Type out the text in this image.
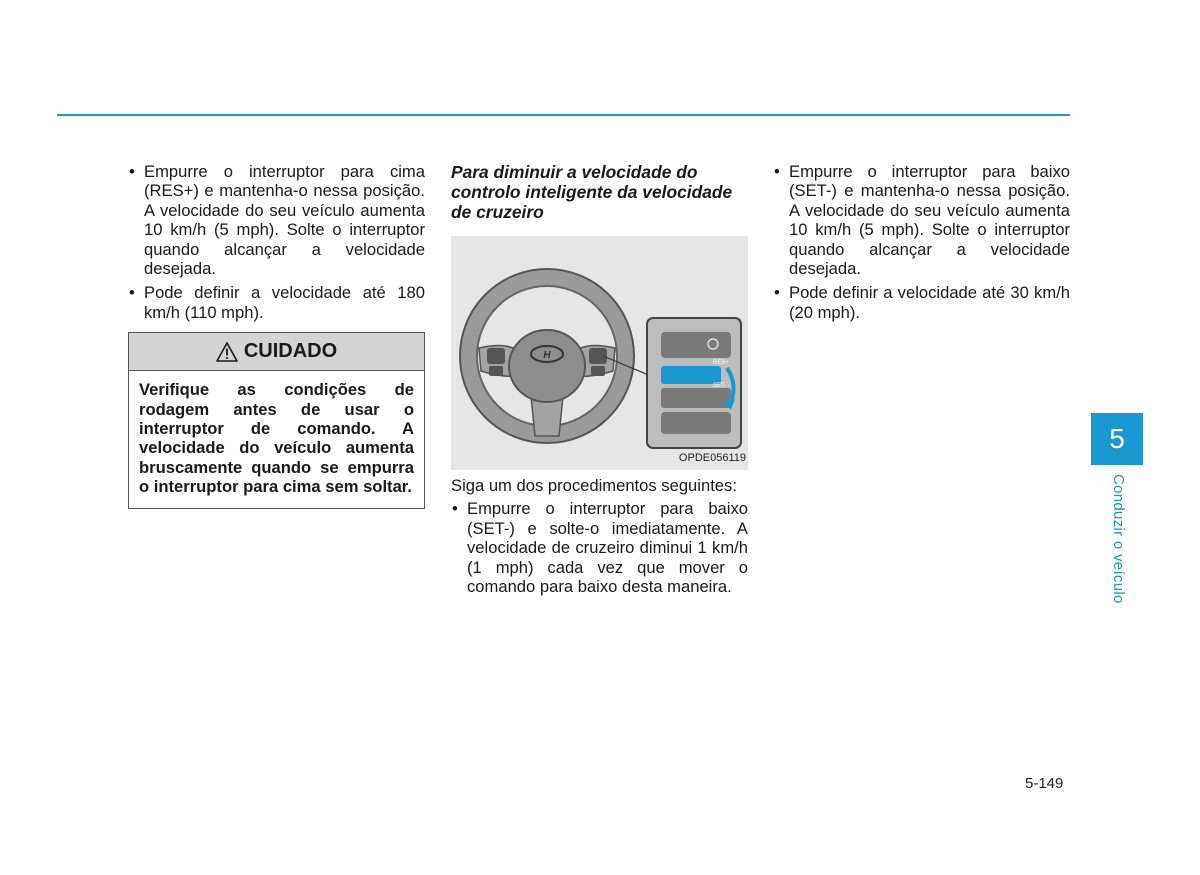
• Empurre o interruptor para cima (RES+) e mantenha-o nessa posição. A velocidade do seu veículo aumenta 10 km/h (5 mph). Solte o interruptor quando alcançar a velocidade desejada.
• Pode definir a velocidade até 180 km/h (110 mph).
CUIDADO
Verifique as condições de rodagem antes de usar o interruptor de comando. A velocidade do veículo aumenta bruscamente quando se empurra o interruptor para cima sem soltar.

Para diminuir a velocidade do controlo inteligente da velocidade de cruzeiro

H
RES+
SET-
OPDE056119

Siga um dos procedimentos seguintes:

• Empurre o interruptor para baixo (SET-) e solte-o imediatamente. A velocidade de cruzeiro diminui 1 km/h (1 mph) cada vez que mover o comando para baixo desta maneira.
• Empurre o interruptor para baixo (SET-) e mantenha-o nessa posição. A velocidade do seu veículo aumenta 10 km/h (5 mph). Solte o interruptor quando alcançar a velocidade desejada.
• Pode definir a velocidade até 30 km/h (20 mph).
5
Conduzir o veículo
5-149
